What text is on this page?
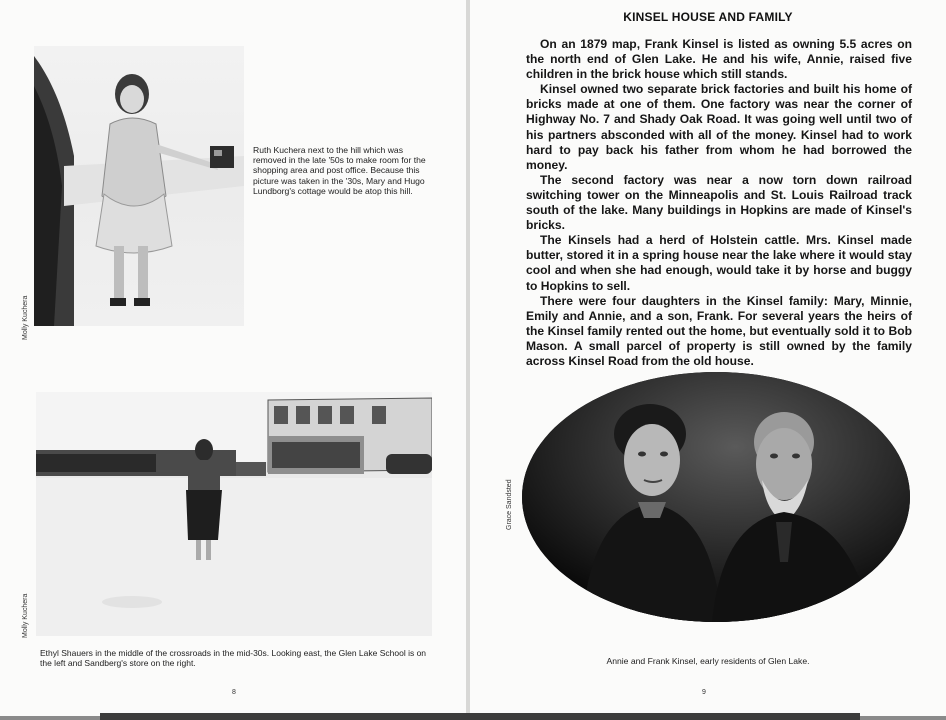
Ruth Kuchera next to the hill which was removed in the late '50s to make room for the shopping area and post office. Because this picture was taken in the '30s, Mary and Hugo Lundborg's cottage would be atop this hill.
Molly Kuchera
Molly Kuchera
Ethyl Shauers in the middle of the crossroads in the mid-30s. Looking east, the Glen Lake School is on the left and Sandberg's store on the right.
8
KINSEL HOUSE AND FAMILY

On an 1879 map, Frank Kinsel is listed as owning 5.5 acres on the north end of Glen Lake. He and his wife, Annie, raised five children in the brick house which still stands.

Kinsel owned two separate brick factories and built his home of bricks made at one of them. One factory was near the corner of Highway No. 7 and Shady Oak Road. It was going well until two of his partners absconded with all of the money. Kinsel had to work hard to pay back his father from whom he had borrowed the money.

The second factory was near a now torn down railroad switching tower on the Minneapolis and St. Louis Railroad track south of the lake. Many buildings in Hopkins are made of Kinsel's bricks.

The Kinsels had a herd of Holstein cattle. Mrs. Kinsel made butter, stored it in a spring house near the lake where it would stay cool and when she had enough, would take it by horse and buggy to Hopkins to sell.

There were four daughters in the Kinsel family: Mary, Minnie, Emily and Annie, and a son, Frank. For several years the heirs of the Kinsel family rented out the home, but eventually sold it to Bob Mason. A small parcel of property is still owned by the family across Kinsel Road from the old house.

Grace Sandsted
Annie and Frank Kinsel, early residents of Glen Lake.
9
